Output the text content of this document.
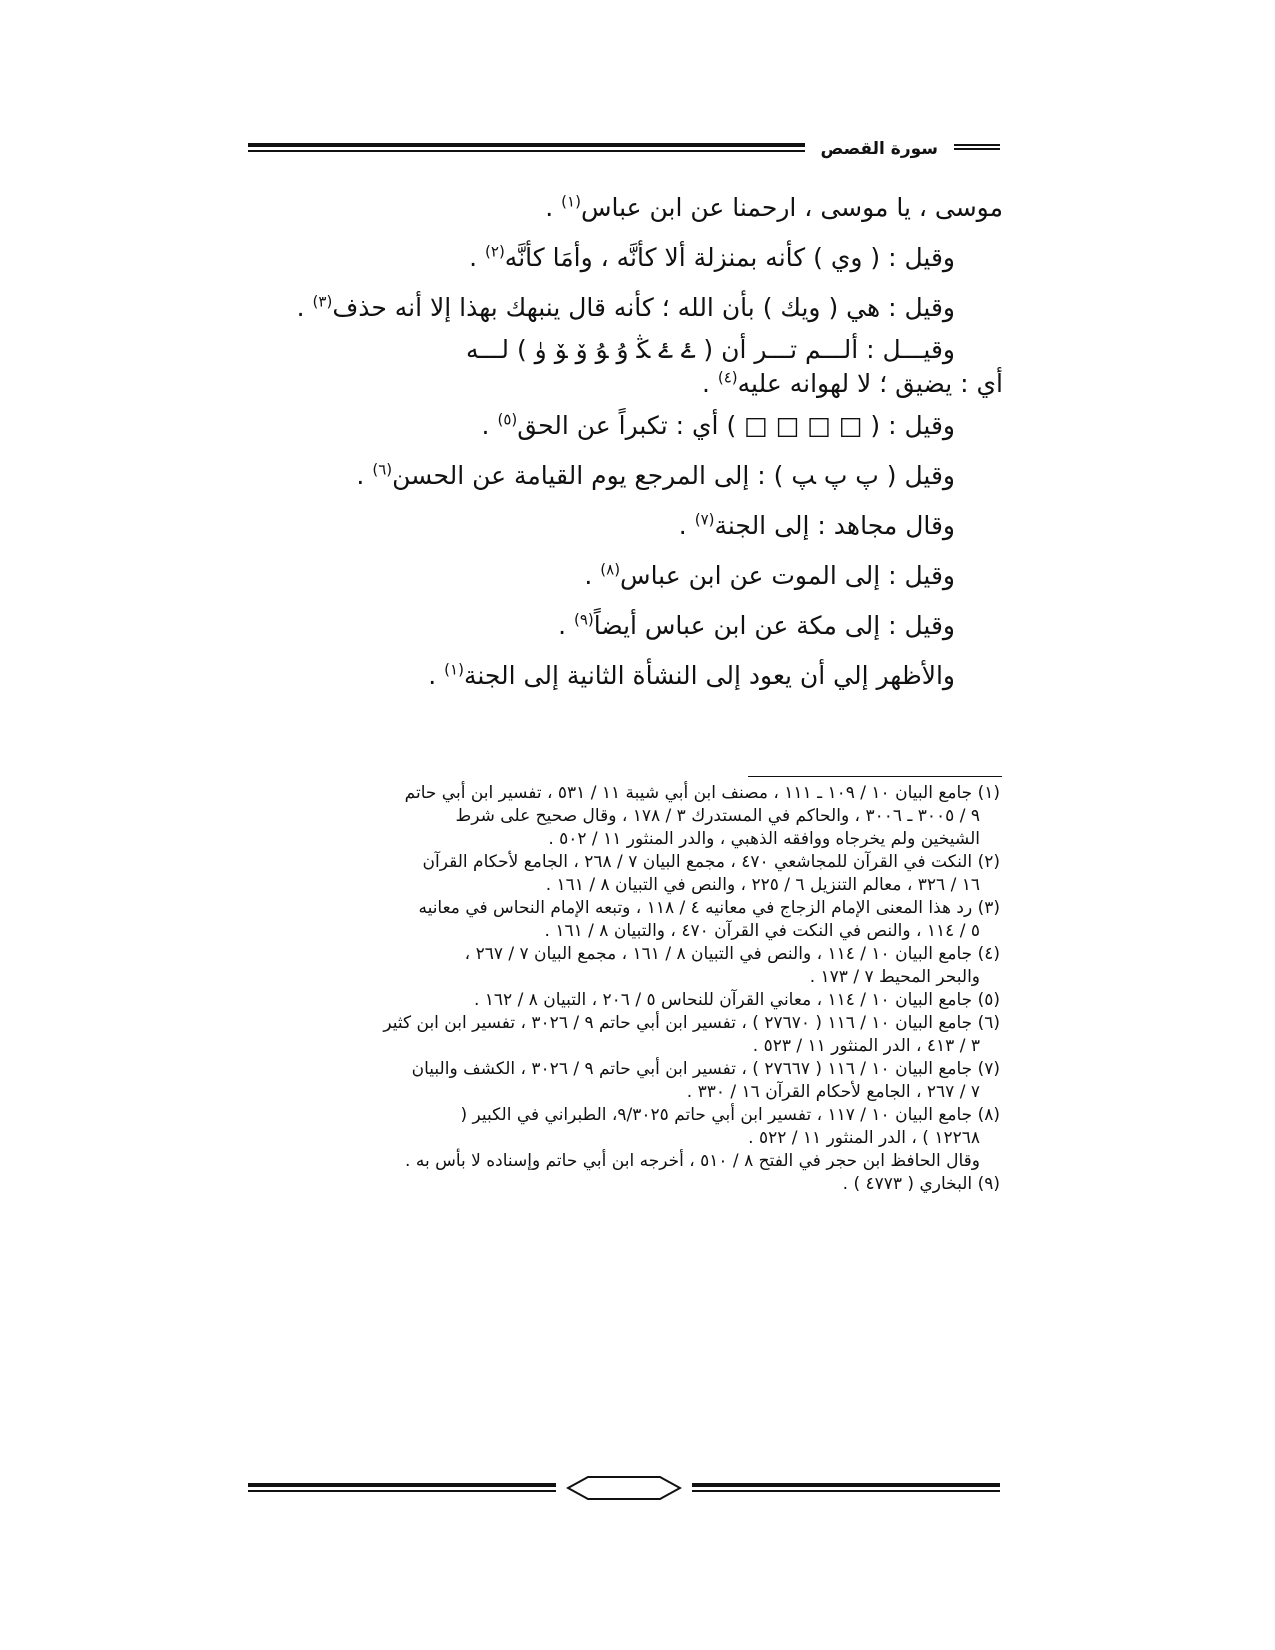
سورة القصص
موسى ، يا موسى ، ارحمنا عن ابن عباس$^{(١)}$ .
وقيل : ( وي ) كأنه بمنزلة ألا كأنَّه ، وأمَا كأنَّه$^{(٢)}$ .
وقيل : هي ( ويك ) بأن الله ؛ كأنه قال ينبهك بهذا إلا أنه حذف$^{(٣)}$ .
وقيـــل : ألـــم تـــر أن ( ۓ ۓ ﯖ ﯗ ﯘ ﯙ ﯚ ﯛ ) لـــه
أي : يضيق ؛ لا لهوانه عليه$^{(٤)}$ .
وقيل : ( □ □ □ □ ) أي : تكبراً عن الحق$^{(٥)}$ .
وقيل ( پ پ ﭗ ) : إلى المرجع يوم القيامة عن الحسن$^{(٦)}$ .
وقال مجاهد : إلى الجنة$^{(٧)}$ .
وقيل : إلى الموت عن ابن عباس$^{(٨)}$ .
وقيل : إلى مكة عن ابن عباس أيضاً$^{(٩)}$ .
والأظهر إلي أن يعود إلى النشأة الثانية إلى الجنة$^{(١)}$ .
(١) جامع البيان ١٠ / ١٠٩ ـ ١١١ ، مصنف ابن أبي شيبة ١١ / ٥٣١ ، تفسير ابن أبي حاتم
٩ / ٣٠٠٥ ـ ٣٠٠٦ ، والحاكم في المستدرك ٣ / ١٧٨ ، وقال صحيح على شرط
الشيخين ولم يخرجاه ووافقه الذهبي ، والدر المنثور ١١ / ٥٠٢ .
(٢) النكت في القرآن للمجاشعي ٤٧٠ ، مجمع البيان ٧ / ٢٦٨ ، الجامع لأحكام القرآن
١٦ / ٣٢٦ ، معالم التنزيل ٦ / ٢٢٥ ، والنص في التبيان ٨ / ١٦١ .
(٣) رد هذا المعنى الإمام الزجاج في معانيه ٤ / ١١٨ ، وتبعه الإمام النحاس في معانيه
٥ / ١١٤ ، والنص في النكت في القرآن ٤٧٠ ، والتبيان ٨ / ١٦١ .
(٤) جامع البيان ١٠ / ١١٤ ، والنص في التبيان ٨ / ١٦١ ، مجمع البيان ٧ / ٢٦٧ ،
والبحر المحيط ٧ / ١٧٣ .
(٥) جامع البيان ١٠ / ١١٤ ، معاني القرآن للنحاس ٥ / ٢٠٦ ، التبيان ٨ / ١٦٢ .
(٦) جامع البيان ١٠ / ١١٦ ( ٢٧٦٧٠ ) ، تفسير ابن أبي حاتم ٩ / ٣٠٢٦ ، تفسير ابن ابن كثير
٣ / ٤١٣ ، الدر المنثور ١١ / ٥٢٣ .
(٧) جامع البيان ١٠ / ١١٦ ( ٢٧٦٦٧ ) ، تفسير ابن أبي حاتم ٩ / ٣٠٢٦ ، الكشف والبيان
٧ / ٢٦٧ ، الجامع لأحكام القرآن ١٦ / ٣٣٠ .
(٨) جامع البيان ١٠ / ١١٧ ، تفسير ابن أبي حاتم ٩/٣٠٢٥، الطبراني في الكبير (
١٢٢٦٨ ) ، الدر المنثور ١١ / ٥٢٢ .
وقال الحافظ ابن حجر في الفتح ٨ / ٥١٠ ، أخرجه ابن أبي حاتم وإسناده لا بأس به .
(٩) البخاري ( ٤٧٧٣ ) .
